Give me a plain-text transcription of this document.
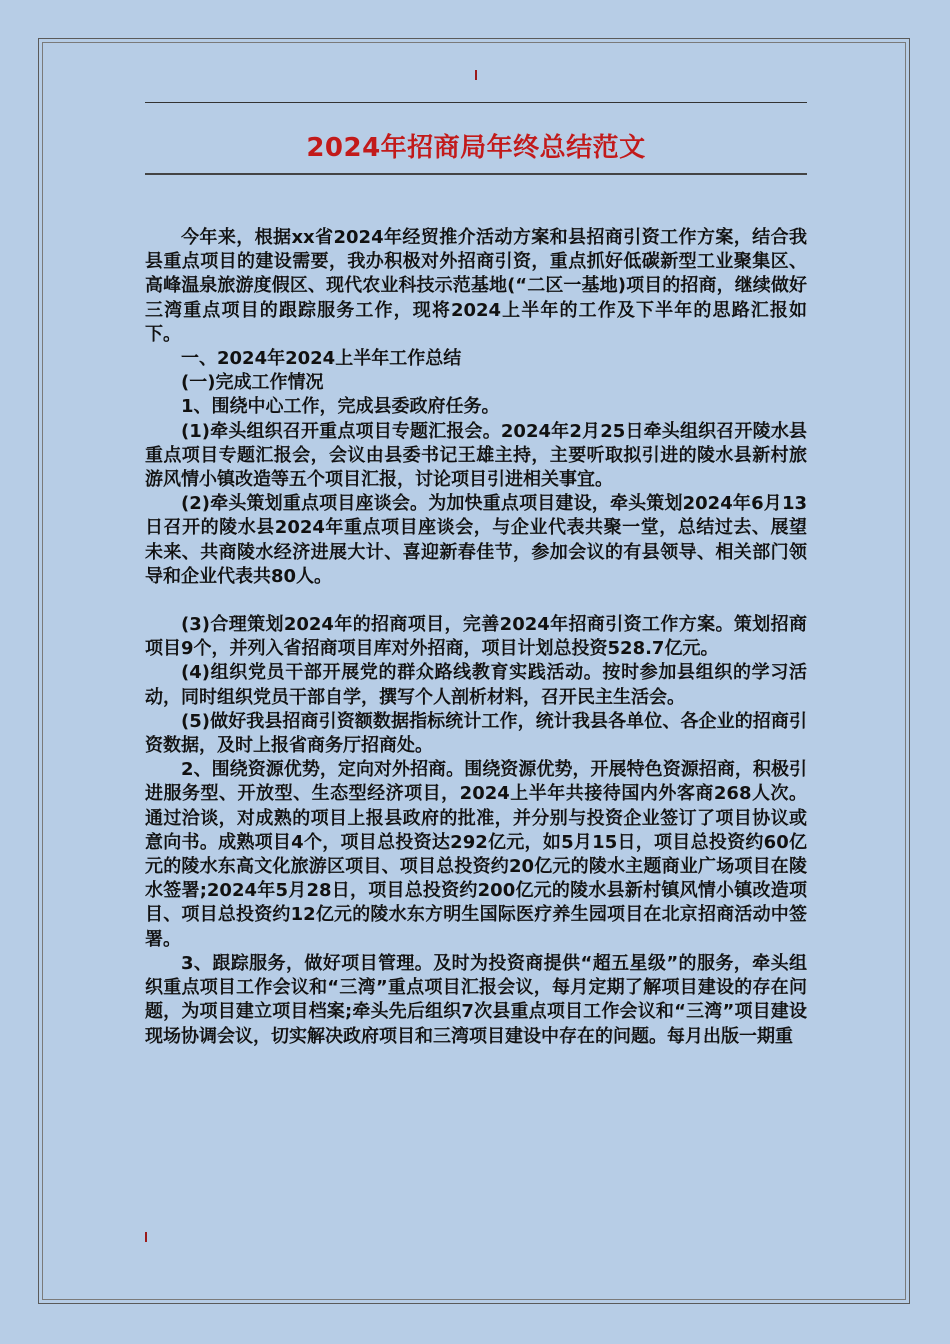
2024年招商局年终总结范文

今年来，根据xx省2024年经贸推介活动方案和县招商引资工作方案，结合我县重点项目的建设需要，我办积极对外招商引资，重点抓好低碳新型工业聚集区、高峰温泉旅游度假区、现代农业科技示范基地(“二区一基地)项目的招商，继续做好三湾重点项目的跟踪服务工作，现将2024上半年的工作及下半年的思路汇报如下。

一、2024年2024上半年工作总结

(一)完成工作情况

1、围绕中心工作，完成县委政府任务。

(1)牵头组织召开重点项目专题汇报会。2024年2月25日牵头组织召开陵水县重点项目专题汇报会，会议由县委书记王雄主持，主要听取拟引进的陵水县新村旅游风情小镇改造等五个项目汇报，讨论项目引进相关事宜。

(2)牵头策划重点项目座谈会。为加快重点项目建设，牵头策划2024年6月13日召开的陵水县2024年重点项目座谈会，与企业代表共聚一堂，总结过去、展望未来、共商陵水经济进展大计、喜迎新春佳节，参加会议的有县领导、相关部门领导和企业代表共80人。

(3)合理策划2024年的招商项目，完善2024年招商引资工作方案。策划招商项目9个，并列入省招商项目库对外招商，项目计划总投资528.7亿元。

(4)组织党员干部开展党的群众路线教育实践活动。按时参加县组织的学习活动，同时组织党员干部自学，撰写个人剖析材料，召开民主生活会。

(5)做好我县招商引资额数据指标统计工作，统计我县各单位、各企业的招商引资数据，及时上报省商务厅招商处。

2、围绕资源优势，定向对外招商。围绕资源优势，开展特色资源招商，积极引进服务型、开放型、生态型经济项目，2024上半年共接待国内外客商268人次。通过洽谈，对成熟的项目上报县政府的批准，并分别与投资企业签订了项目协议或意向书。成熟项目4个，项目总投资达292亿元，如5月15日，项目总投资约60亿元的陵水东高文化旅游区项目、项目总投资约20亿元的陵水主题商业广场项目在陵水签署;2024年5月28日，项目总投资约200亿元的陵水县新村镇风情小镇改造项目、项目总投资约12亿元的陵水东方明生国际医疗养生园项目在北京招商活动中签署。

3、跟踪服务，做好项目管理。及时为投资商提供“超五星级”的服务，牵头组织重点项目工作会议和“三湾”重点项目汇报会议，每月定期了解项目建设的存在问题，为项目建立项目档案;牵头先后组织7次县重点项目工作会议和“三湾”项目建设现场协调会议，切实解决政府项目和三湾项目建设中存在的问题。每月出版一期重
